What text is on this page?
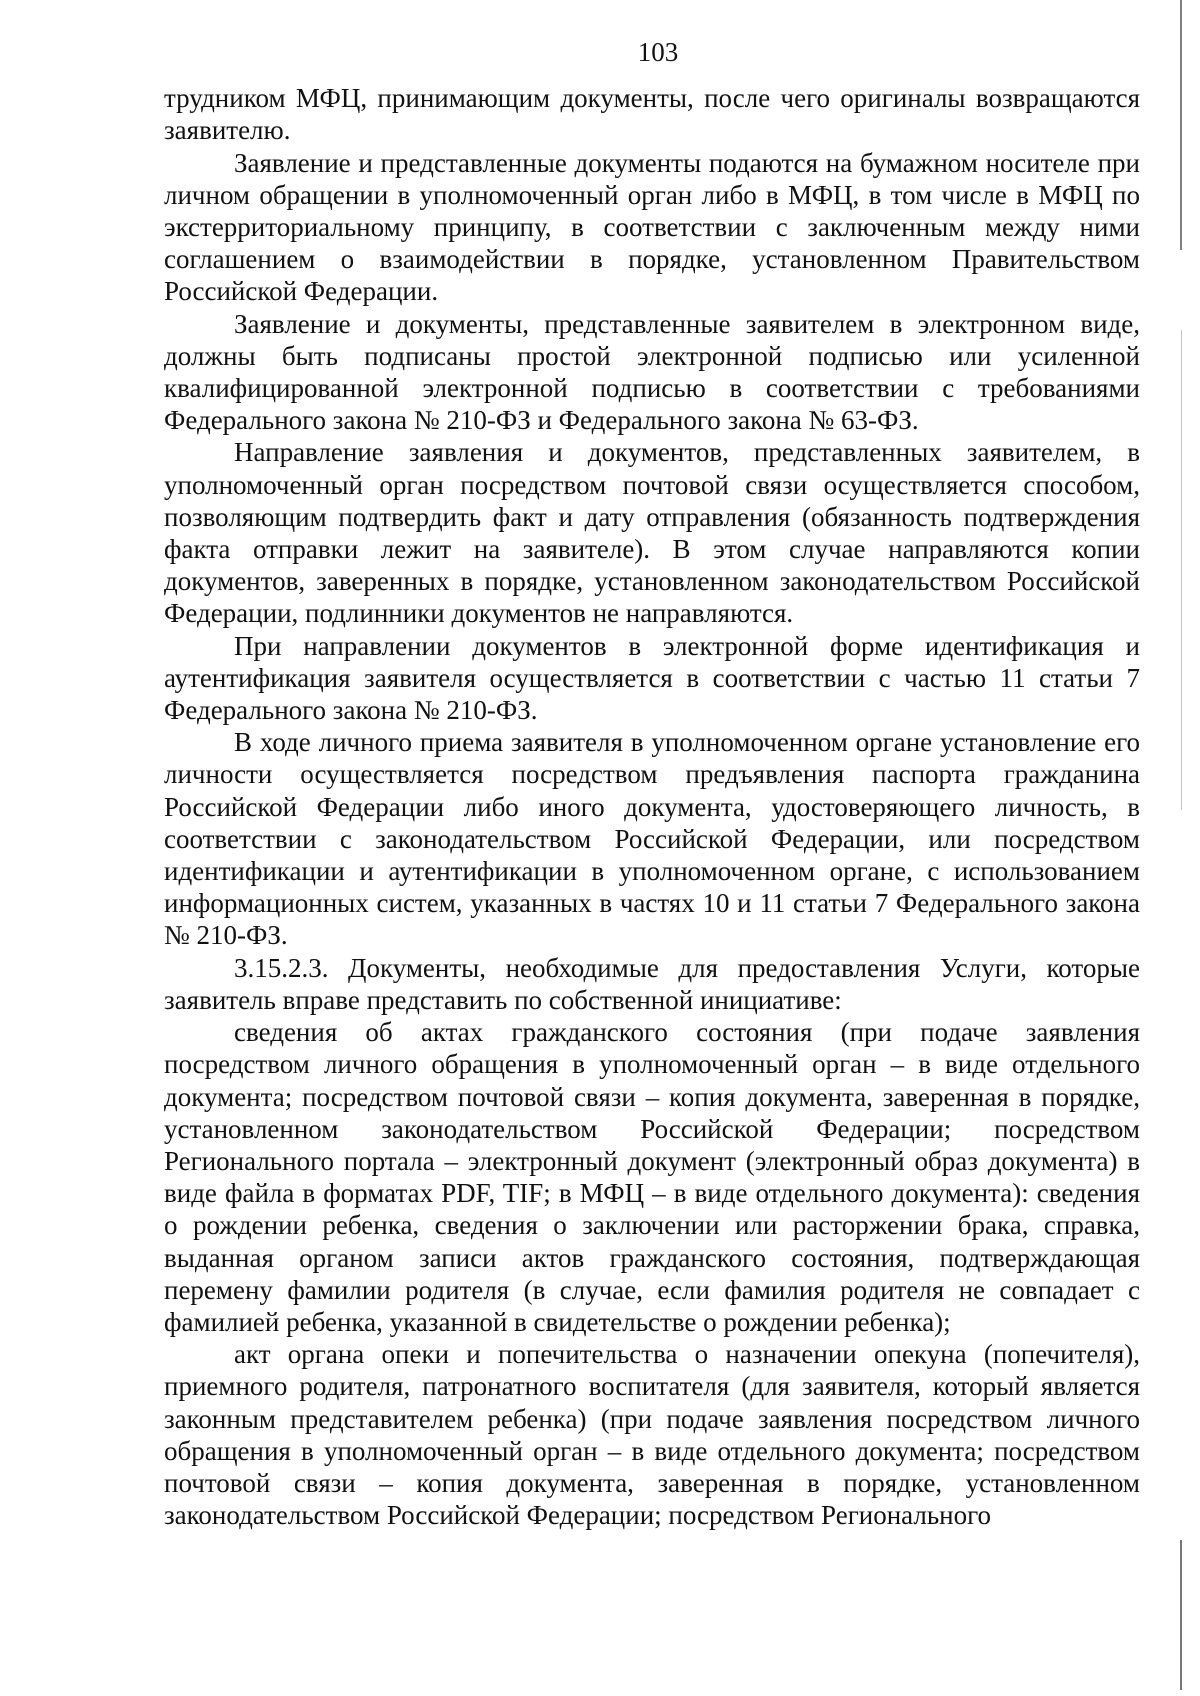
103

трудником МФЦ, принимающим документы, после чего оригиналы возвращаются заявителю.

Заявление и представленные документы подаются на бумажном носителе при личном обращении в уполномоченный орган либо в МФЦ, в том числе в МФЦ по экстерриториальному принципу, в соответствии с заключенным между ними соглашением о взаимодействии в порядке, установленном Правительством Российской Федерации.

Заявление и документы, представленные заявителем в электронном виде, должны быть подписаны простой электронной подписью или усиленной квалифицированной электронной подписью в соответствии с требованиями Федерального закона № 210-ФЗ и Федерального закона № 63-ФЗ.

Направление заявления и документов, представленных заявителем, в уполномоченный орган посредством почтовой связи осуществляется способом, позволяющим подтвердить факт и дату отправления (обязанность подтверждения факта отправки лежит на заявителе). В этом случае направляются копии документов, заверенных в порядке, установленном законодательством Российской Федерации, подлинники документов не направляются.

При направлении документов в электронной форме идентификация и аутентификация заявителя осуществляется в соответствии с частью 11 статьи 7 Федерального закона № 210-ФЗ.

В ходе личного приема заявителя в уполномоченном органе установление его личности осуществляется посредством предъявления паспорта гражданина Российской Федерации либо иного документа, удостоверяющего личность, в соответствии с законодательством Российской Федерации, или посредством идентификации и аутентификации в уполномоченном органе, с использованием информационных систем, указанных в частях 10 и 11 статьи 7 Федерального закона № 210-ФЗ.

3.15.2.3. Документы, необходимые для предоставления Услуги, которые заявитель вправе представить по собственной инициативе:

сведения об актах гражданского состояния (при подаче заявления посредством личного обращения в уполномоченный орган – в виде отдельного документа; посредством почтовой связи – копия документа, заверенная в порядке, установленном законодательством Российской Федерации; посредством Регионального портала – электронный документ (электронный образ документа) в виде файла в форматах PDF, TIF; в МФЦ – в виде отдельного документа): сведения о рождении ребенка, сведения о заключении или расторжении брака, справка, выданная органом записи актов гражданского состояния, подтверждающая перемену фамилии родителя (в случае, если фамилия родителя не совпадает с фамилией ребенка, указанной в свидетельстве о рождении ребенка);

акт органа опеки и попечительства о назначении опекуна (попечителя), приемного родителя, патронатного воспитателя (для заявителя, который является законным представителем ребенка) (при подаче заявления посредством личного обращения в уполномоченный орган – в виде отдельного документа; посредством почтовой связи – копия документа, заверенная в порядке, установленном законодательством Российской Федерации; посредством Регионального
